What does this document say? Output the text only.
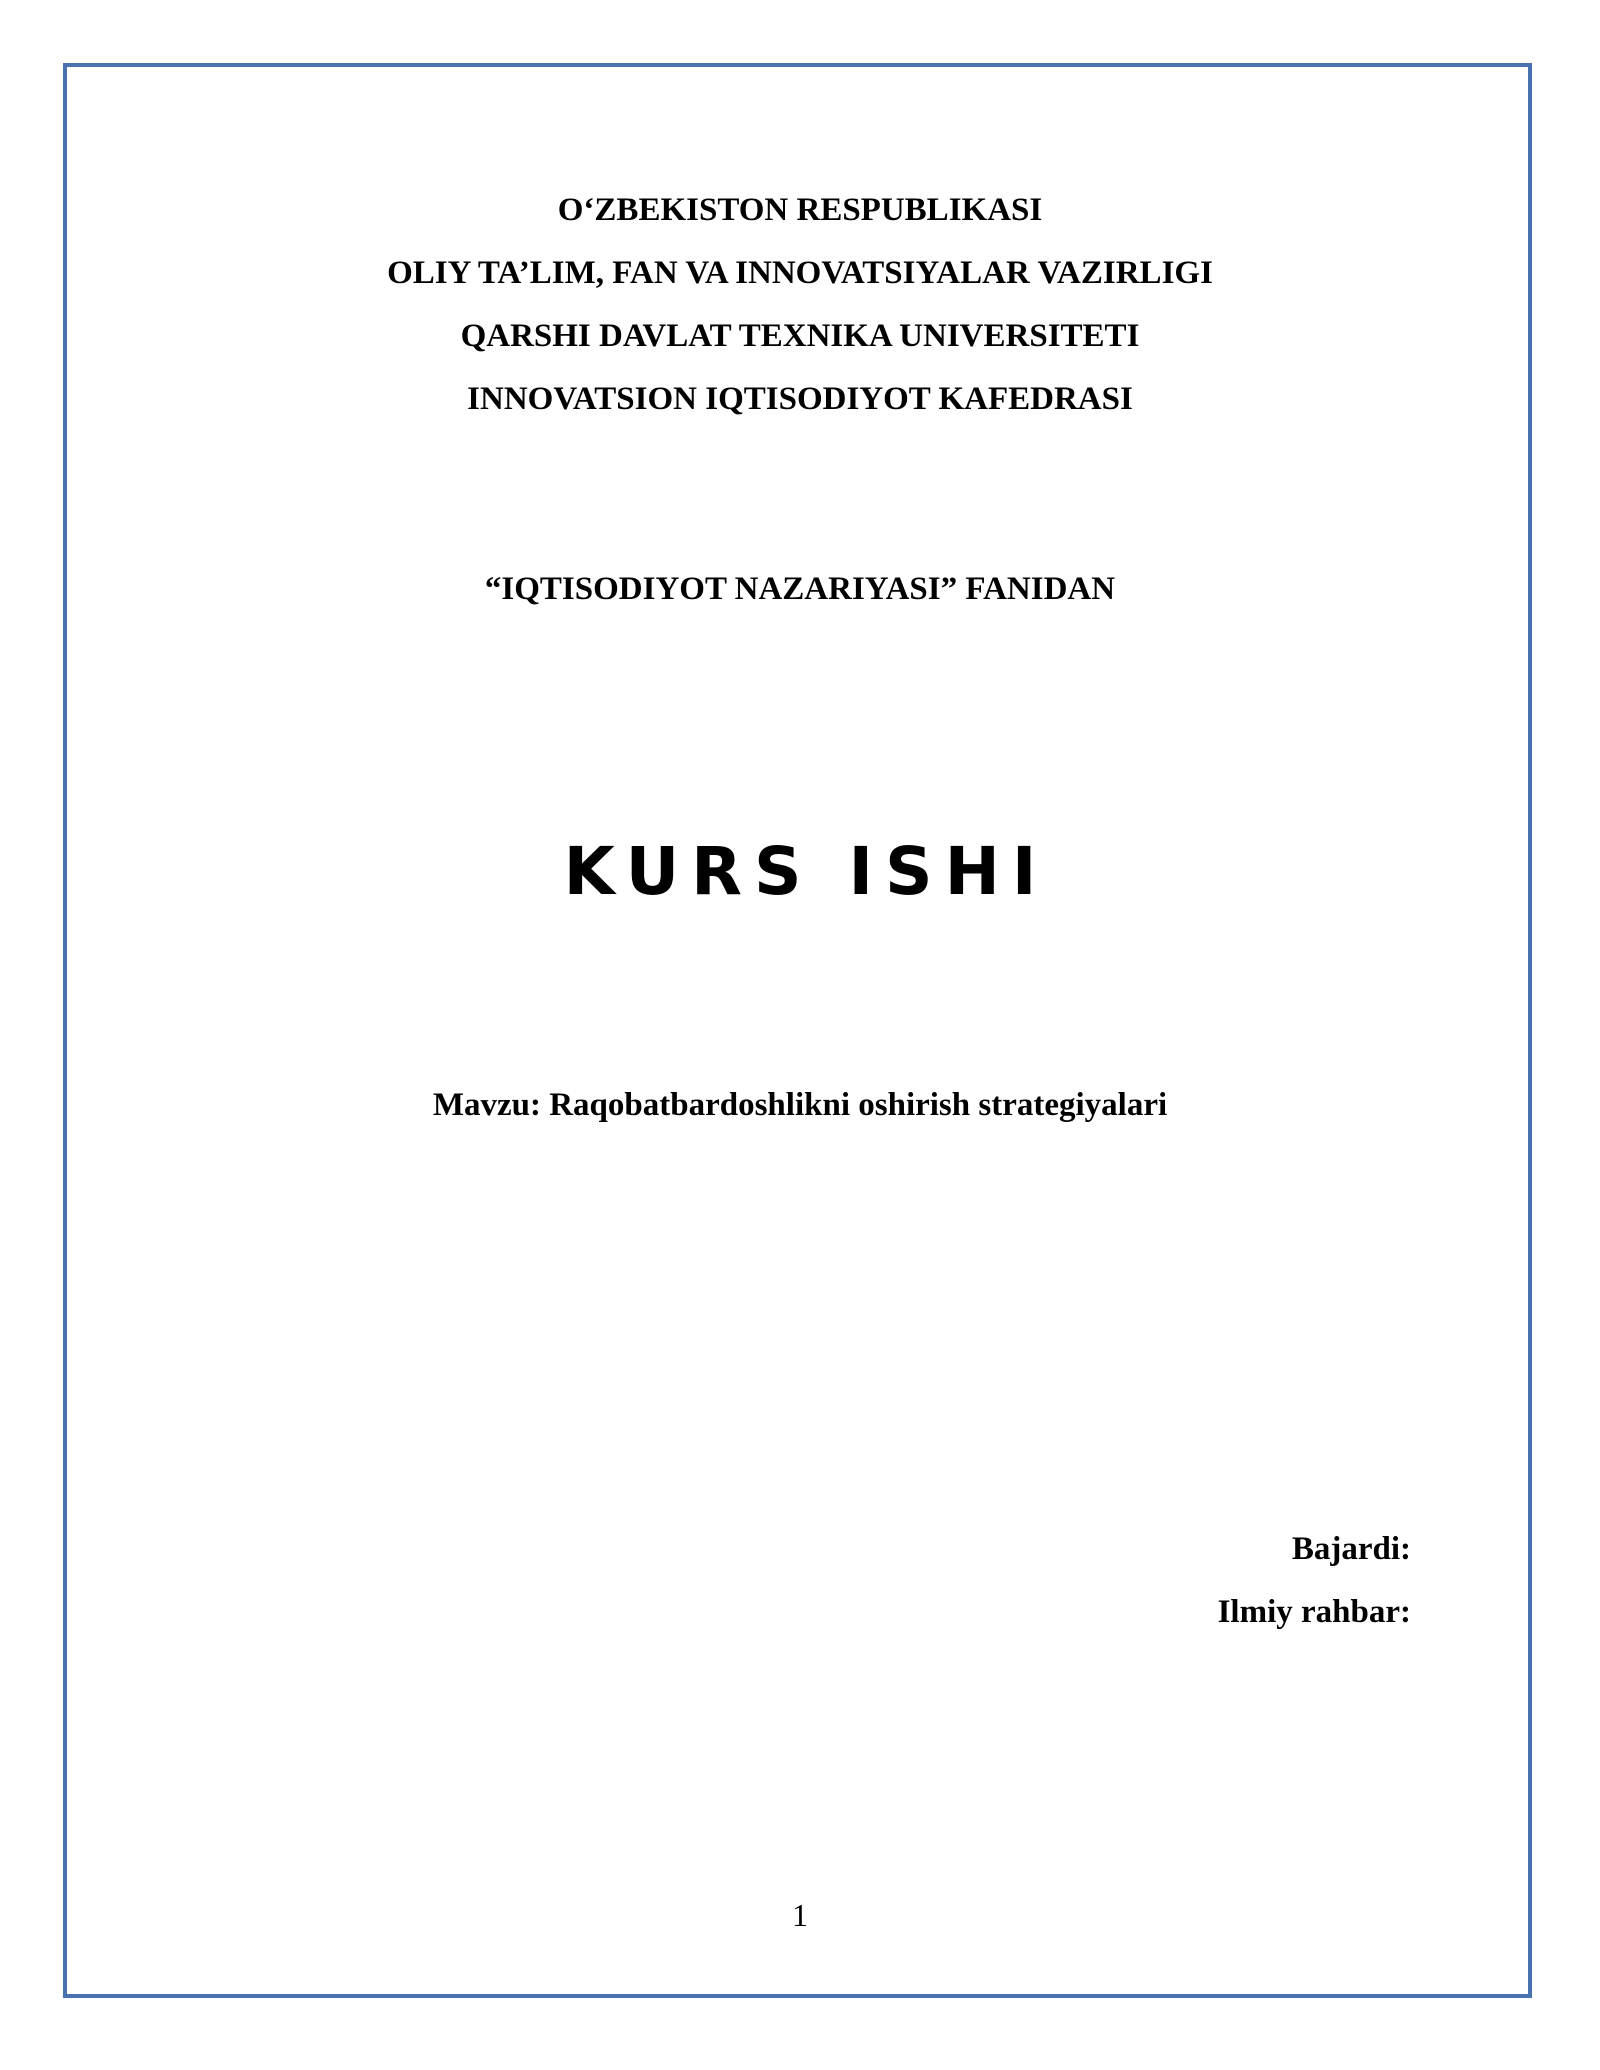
O‘ZBEKISTON RESPUBLIKASI
OLIY TA’LIM, FAN VA INNOVATSIYALAR VAZIRLIGI
QARSHI DAVLAT TEXNIKA UNIVERSITETI
INNOVATSION IQTISODIYOT KAFEDRASI
“IQTISODIYOT NAZARIYASI” FANIDAN
KURS ISHI
Mavzu: Raqobatbardoshlikni oshirish strategiyalari
Bajardi:
Ilmiy rahbar:
1
